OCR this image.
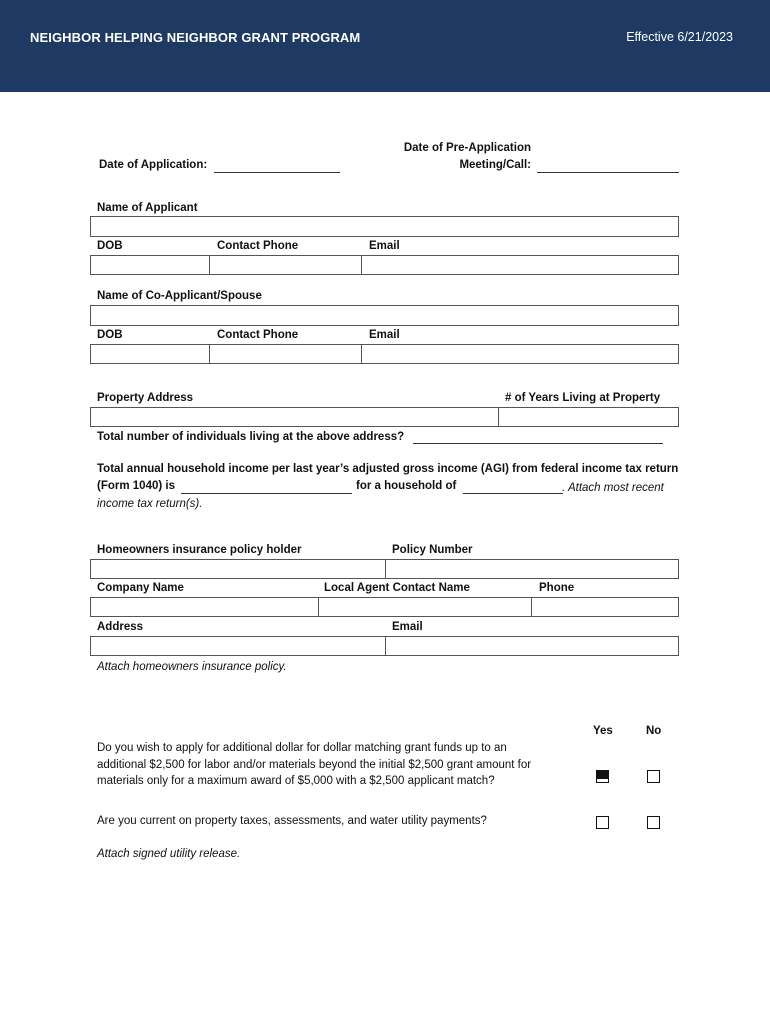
NEIGHBOR HELPING NEIGHBOR GRANT PROGRAM	Effective 6/21/2023
Date of Application:
Date of Pre-Application
Meeting/Call:
Name of Applicant
DOB	Contact Phone	Email
Name of Co-Applicant/Spouse
DOB	Contact Phone	Email
Property Address	# of Years Living at Property
Total number of individuals living at the above address?
Total annual household income per last year’s adjusted gross income (AGI) from federal income tax return
(Form 1040) is	for a household of	. Attach most recent
income tax return(s).
Homeowners insurance policy holder	Policy Number
Company Name	Local Agent Contact Name	Phone
Address	Email
Attach homeowners insurance policy.
Yes	No
Do you wish to apply for additional dollar for dollar matching grant funds up to an
additional $2,500 for labor and/or materials beyond the initial $2,500 grant amount for
materials only for a maximum award of $5,000 with a $2,500 applicant match?
Are you current on property taxes, assessments, and water utility payments?
Attach signed utility release.
